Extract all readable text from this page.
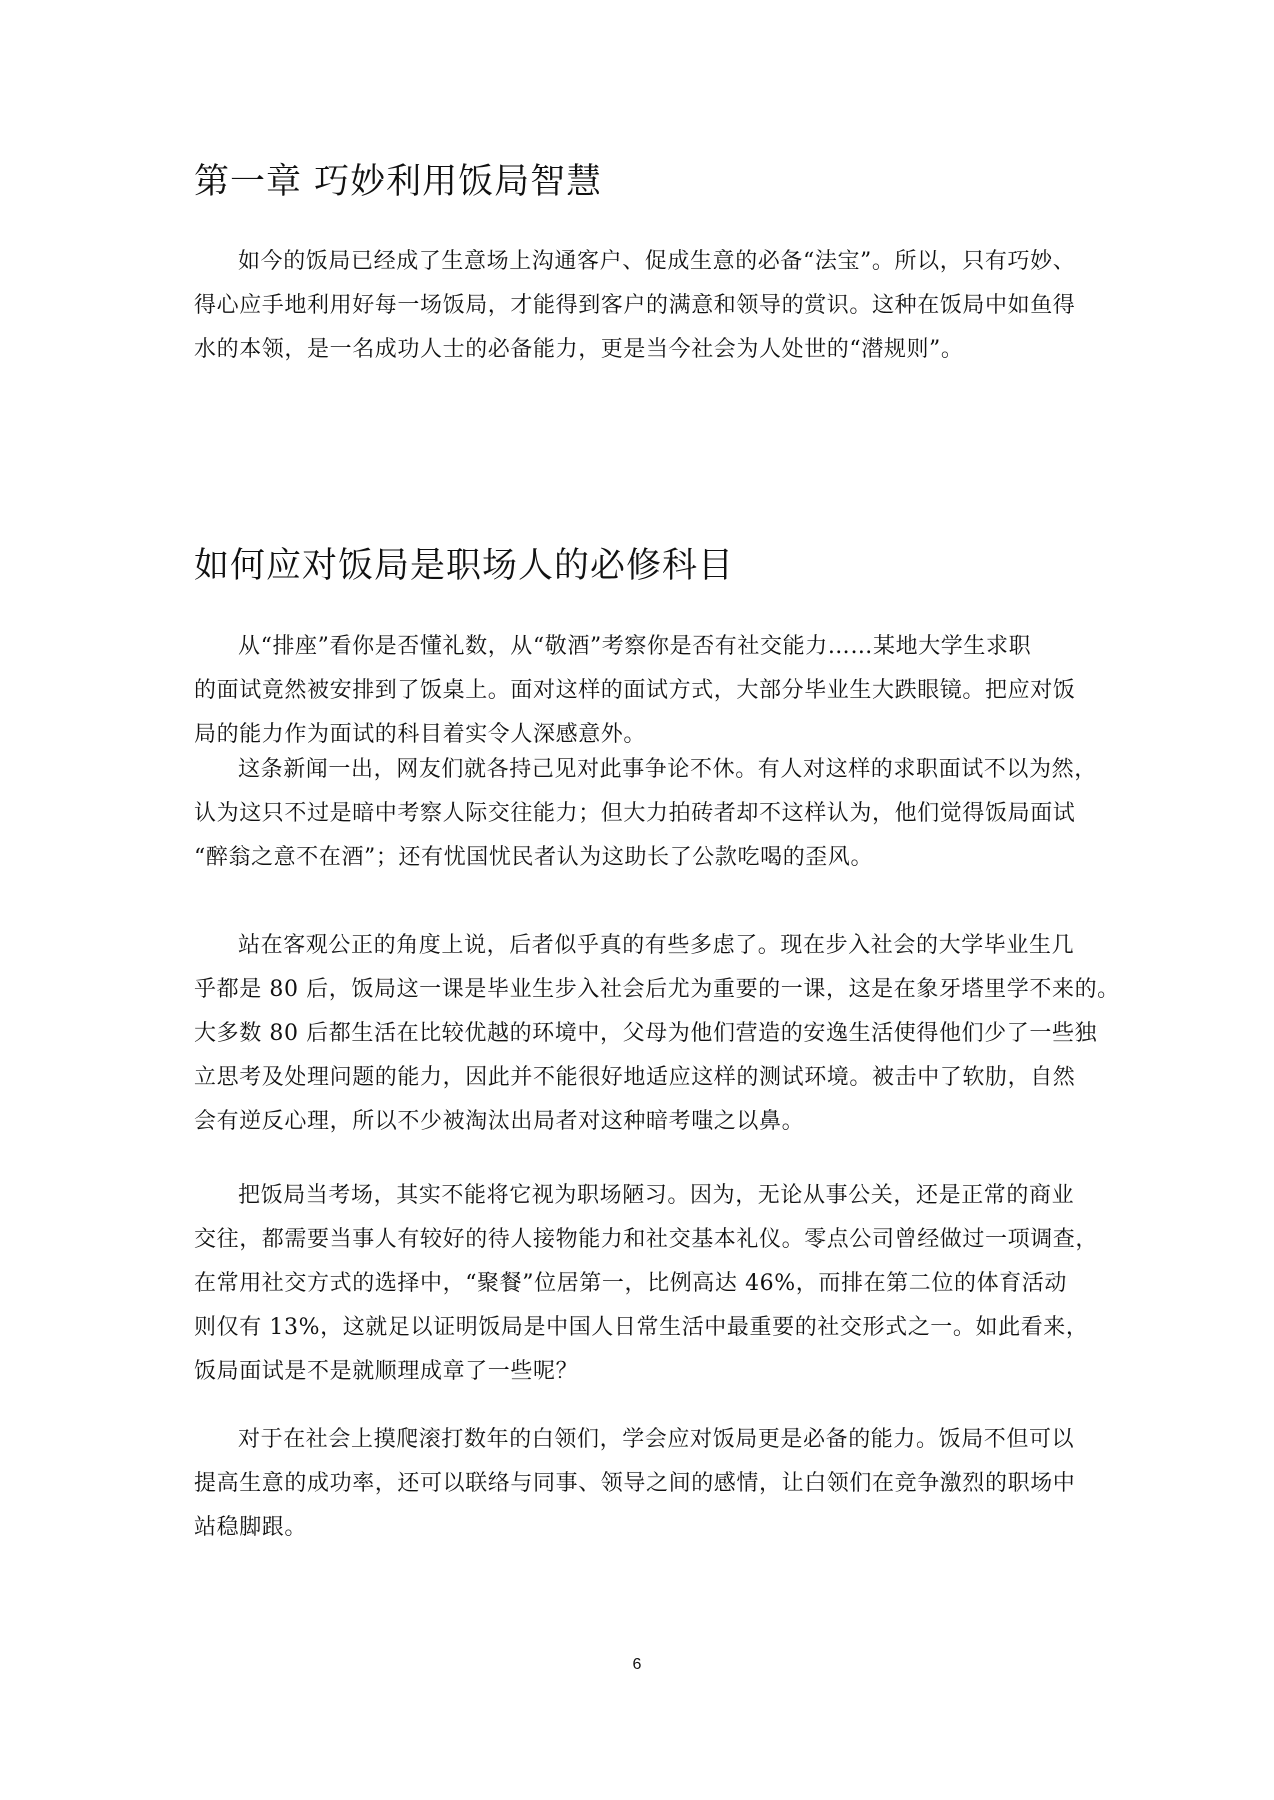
第一章 巧妙利用饭局智慧

如今的饭局已经成了生意场上沟通客户、促成生意的必备“法宝”。所以，只有巧妙、
得心应手地利用好每一场饭局，才能得到客户的满意和领导的赏识。这种在饭局中如鱼得
水的本领，是一名成功人士的必备能力，更是当今社会为人处世的“潜规则”。

如何应对饭局是职场人的必修科目

从“排座”看你是否懂礼数，从“敬酒”考察你是否有社交能力……某地大学生求职
的面试竟然被安排到了饭桌上。面对这样的面试方式，大部分毕业生大跌眼镜。把应对饭
局的能力作为面试的科目着实令人深感意外。

这条新闻一出，网友们就各持己见对此事争论不休。有人对这样的求职面试不以为然，
认为这只不过是暗中考察人际交往能力；但大力拍砖者却不这样认为，他们觉得饭局面试
“醉翁之意不在酒”；还有忧国忧民者认为这助长了公款吃喝的歪风。

站在客观公正的角度上说，后者似乎真的有些多虑了。现在步入社会的大学毕业生几
乎都是 80 后，饭局这一课是毕业生步入社会后尤为重要的一课，这是在象牙塔里学不来的。
大多数 80 后都生活在比较优越的环境中，父母为他们营造的安逸生活使得他们少了一些独
立思考及处理问题的能力，因此并不能很好地适应这样的测试环境。被击中了软肋，自然
会有逆反心理，所以不少被淘汰出局者对这种暗考嗤之以鼻。

把饭局当考场，其实不能将它视为职场陋习。因为，无论从事公关，还是正常的商业
交往，都需要当事人有较好的待人接物能力和社交基本礼仪。零点公司曾经做过一项调查，
在常用社交方式的选择中，“聚餐”位居第一，比例高达 46%，而排在第二位的体育活动
则仅有 13%，这就足以证明饭局是中国人日常生活中最重要的社交形式之一。如此看来，
饭局面试是不是就顺理成章了一些呢？

对于在社会上摸爬滚打数年的白领们，学会应对饭局更是必备的能力。饭局不但可以
提高生意的成功率，还可以联络与同事、领导之间的感情，让白领们在竞争激烈的职场中
站稳脚跟。

6
